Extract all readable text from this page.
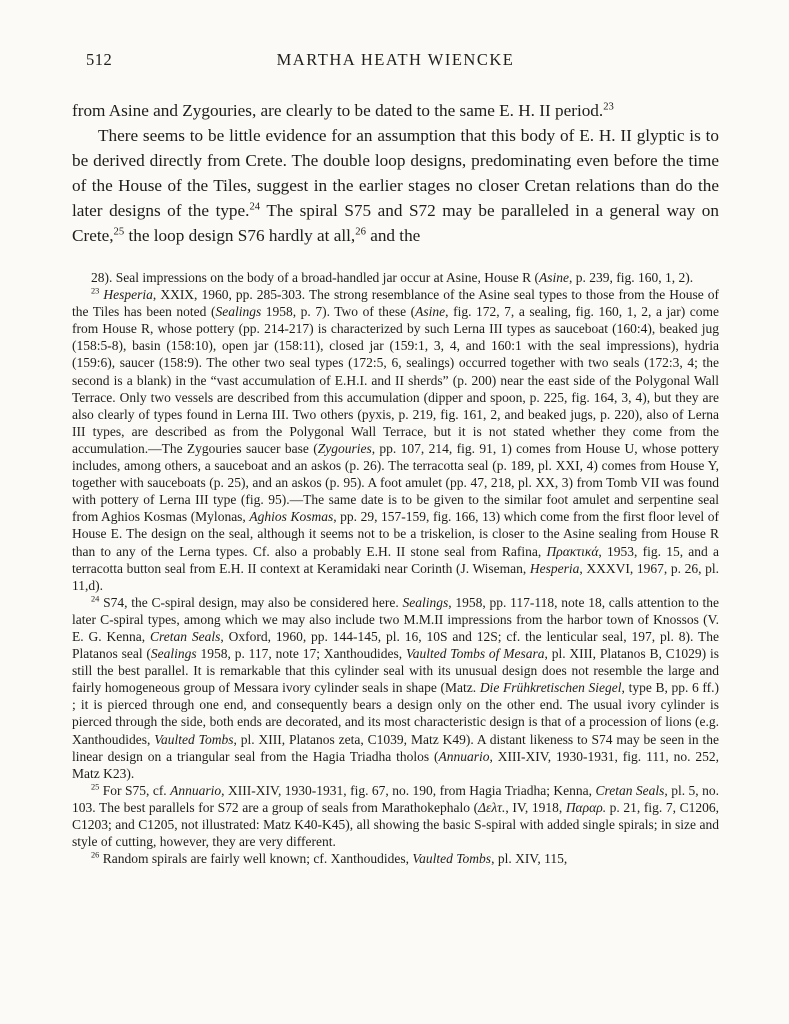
512	MARTHA HEATH WIENCKE

from Asine and Zygouries, are clearly to be dated to the same E. H. II period.$^{23}$

There seems to be little evidence for an assumption that this body of E. H. II glyptic is to be derived directly from Crete. The double loop designs, predominating even before the time of the House of the Tiles, suggest in the earlier stages no closer Cretan relations than do the later designs of the type.$^{24}$ The spiral S75 and S72 may be paralleled in a general way on Crete,$^{25}$ the loop design S76 hardly at all,$^{26}$ and the

28). Seal impressions on the body of a broad-handled jar occur at Asine, House R (Asine, p. 239, fig. 160, 1, 2).

$^{23}$ Hesperia, XXIX, 1960, pp. 285-303. The strong resemblance of the Asine seal types to those from the House of the Tiles has been noted (Sealings 1958, p. 7). Two of these (Asine, fig. 172, 7, a sealing, fig. 160, 1, 2, a jar) come from House R, whose pottery (pp. 214-217) is characterized by such Lerna III types as sauceboat (160:4), beaked jug (158:5-8), basin (158:10), open jar (158:11), closed jar (159:1, 3, 4, and 160:1 with the seal impressions), hydria (159:6), saucer (158:9). The other two seal types (172:5, 6, sealings) occurred together with two seals (172:3, 4; the second is a blank) in the “vast accumulation of E.H.I. and II sherds” (p. 200) near the east side of the Polygonal Wall Terrace. Only two vessels are described from this accumulation (dipper and spoon, p. 225, fig. 164, 3, 4), but they are also clearly of types found in Lerna III. Two others (pyxis, p. 219, fig. 161, 2, and beaked jugs, p. 220), also of Lerna III types, are described as from the Polygonal Wall Terrace, but it is not stated whether they come from the accumulation.—The Zygouries saucer base (Zygouries, pp. 107, 214, fig. 91, 1) comes from House U, whose pottery includes, among others, a sauceboat and an askos (p. 26). The terracotta seal (p. 189, pl. XXI, 4) comes from House Y, together with sauceboats (p. 25), and an askos (p. 95). A foot amulet (pp. 47, 218, pl. XX, 3) from Tomb VII was found with pottery of Lerna III type (fig. 95).—The same date is to be given to the similar foot amulet and serpentine seal from Aghios Kosmas (Mylonas, Aghios Kosmas, pp. 29, 157-159, fig. 166, 13) which come from the first floor level of House E. The design on the seal, although it seems not to be a triskelion, is closer to the Asine sealing from House R than to any of the Lerna types. Cf. also a probably E.H. II stone seal from Rafina, Πρακτικά, 1953, fig. 15, and a terracotta button seal from E.H. II context at Keramidaki near Corinth (J. Wiseman, Hesperia, XXXVI, 1967, p. 26, pl. 11,d).

$^{24}$ S74, the C-spiral design, may also be considered here. Sealings, 1958, pp. 117-118, note 18, calls attention to the later C-spiral types, among which we may also include two M.M.II impressions from the harbor town of Knossos (V. E. G. Kenna, Cretan Seals, Oxford, 1960, pp. 144-145, pl. 16, 10S and 12S; cf. the lenticular seal, 197, pl. 8). The Platanos seal (Sealings 1958, p. 117, note 17; Xanthoudides, Vaulted Tombs of Mesara, pl. XIII, Platanos B, C1029) is still the best parallel. It is remarkable that this cylinder seal with its unusual design does not resemble the large and fairly homogeneous group of Messara ivory cylinder seals in shape (Matz. Die Frühkretischen Siegel, type B, pp. 6 ff.) ; it is pierced through one end, and consequently bears a design only on the other end. The usual ivory cylinder is pierced through the side, both ends are decorated, and its most characteristic design is that of a procession of lions (e.g. Xanthoudides, Vaulted Tombs, pl. XIII, Platanos zeta, C1039, Matz K49). A distant likeness to S74 may be seen in the linear design on a triangular seal from the Hagia Triadha tholos (Annuario, XIII-XIV, 1930-1931, fig. 111, no. 252, Matz K23).

$^{25}$ For S75, cf. Annuario, XIII-XIV, 1930-1931, fig. 67, no. 190, from Hagia Triadha; Kenna, Cretan Seals, pl. 5, no. 103. The best parallels for S72 are a group of seals from Marathokephalo (Δελτ., IV, 1918, Παραρ. p. 21, fig. 7, C1206, C1203; and C1205, not illustrated: Matz K40-K45), all showing the basic S-spiral with added single spirals; in size and style of cutting, however, they are very different.

$^{26}$ Random spirals are fairly well known; cf. Xanthoudides, Vaulted Tombs, pl. XIV, 115,
